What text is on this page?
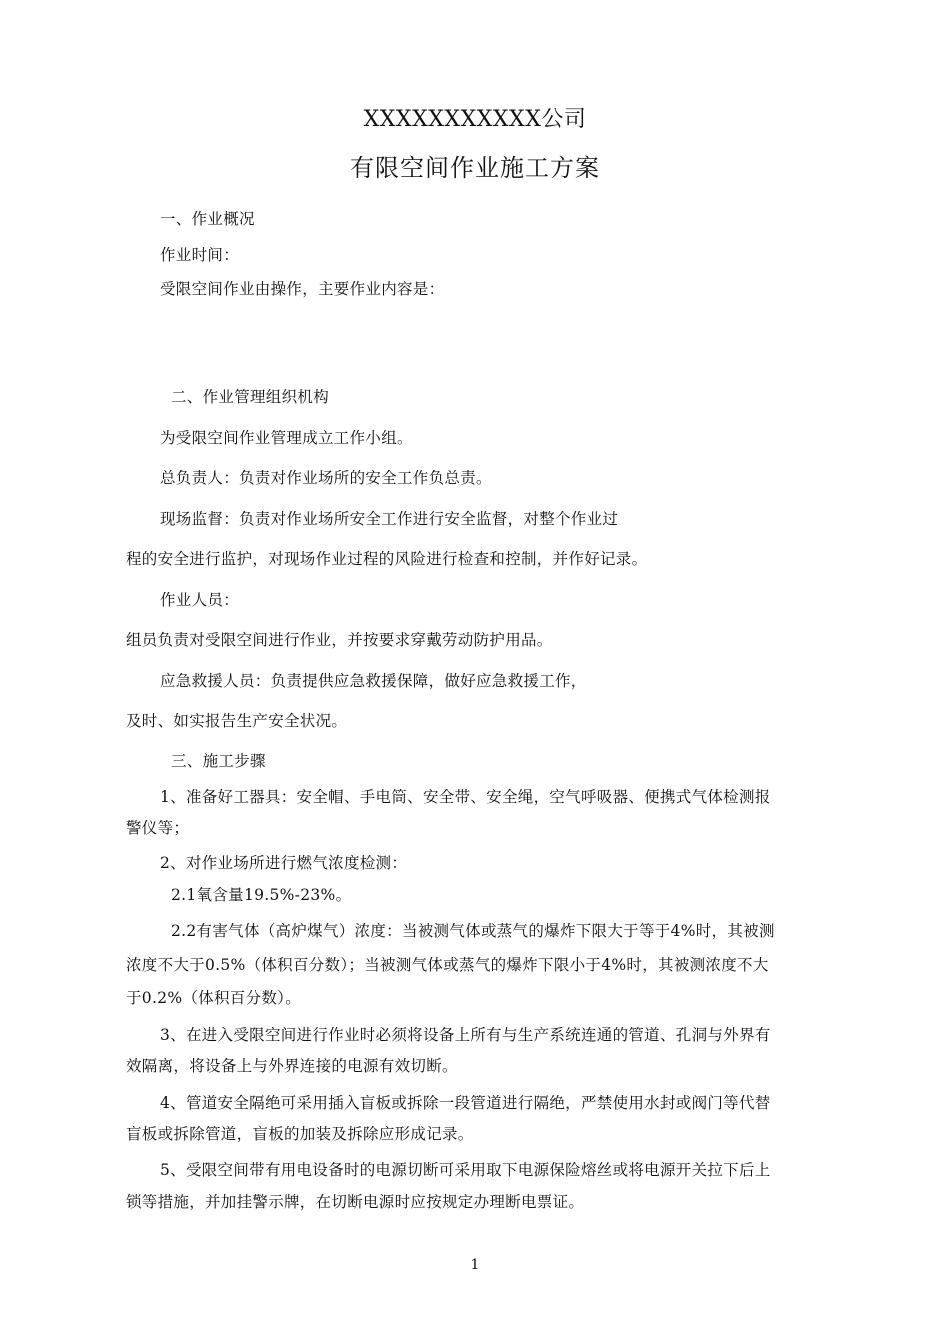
XXXXXXXXXXX公司
有限空间作业施工方案
一、作业概况
作业时间：
受限空间作业由操作，主要作业内容是：
二、作业管理组织机构
为受限空间作业管理成立工作小组。
总负责人：负责对作业场所的安全工作负总责。
现场监督：负责对作业场所安全工作进行安全监督，对整个作业过
程的安全进行监护，对现场作业过程的风险进行检查和控制，并作好记录。
作业人员：
组员负责对受限空间进行作业，并按要求穿戴劳动防护用品。
应急救援人员：负责提供应急救援保障，做好应急救援工作，
及时、如实报告生产安全状况。
三、施工步骤
1、准备好工器具：安全帽、手电筒、安全带、安全绳，空气呼吸器、便携式气体检测报
警仪等；
2、对作业场所进行燃气浓度检测：
2.1氧含量19.5%-23%。
2.2有害气体（高炉煤气）浓度：当被测气体或蒸气的爆炸下限大于等于4%时，其被测
浓度不大于0.5%（体积百分数）；当被测气体或蒸气的爆炸下限小于4%时，其被测浓度不大
于0.2%（体积百分数）。
3、在进入受限空间进行作业时必须将设备上所有与生产系统连通的管道、孔洞与外界有
效隔离，将设备上与外界连接的电源有效切断。
4、管道安全隔绝可采用插入盲板或拆除一段管道进行隔绝，严禁使用水封或阀门等代替
盲板或拆除管道，盲板的加装及拆除应形成记录。
5、受限空间带有用电设备时的电源切断可采用取下电源保险熔丝或将电源开关拉下后上
锁等措施，并加挂警示牌，在切断电源时应按规定办理断电票证。
1
